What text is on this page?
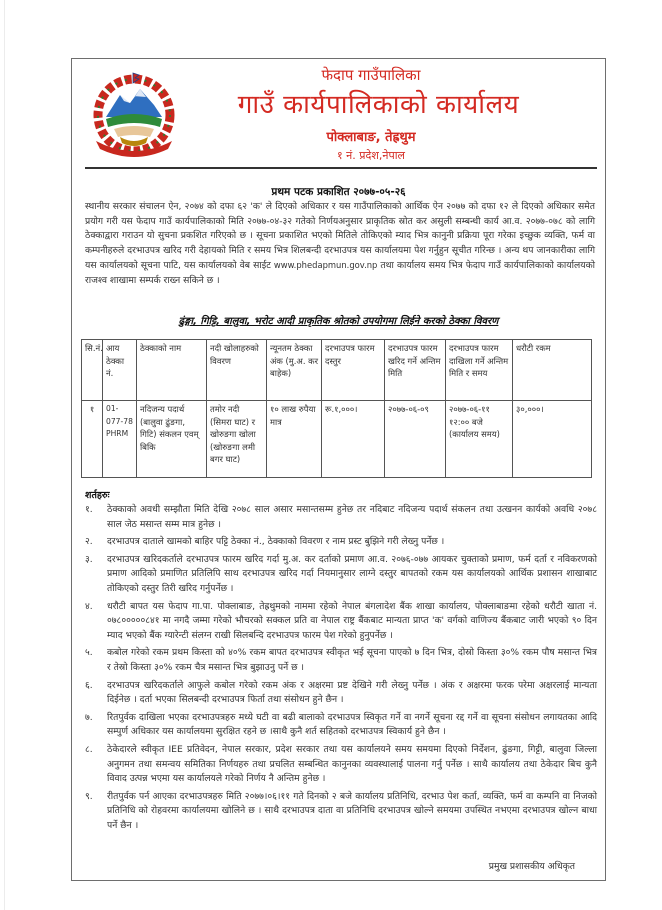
फेदाप गाउँपालिका
गाउँ कार्यपालिकाको कार्यालय
पोक्लाबाङ, तेह्रथुम
१ नं. प्रदेश,नेपाल
प्रथम पटक प्रकाशित २०७७-०५-२६
स्थानीय सरकार संचालन ऐन, २०७४ को दफा ६२ 'क' ले दिएको अधिकार र यस गाउँपालिकाको आर्थिक ऐन २०७७ को दफा १२ ले दिएको अधिकार समेत प्रयोग गरी यस फेदाप गाउँ कार्यपालिकाको मिति २०७७-०४-३२ गतेको निर्णयअनुसार प्राकृतिक स्रोत कर असुली सम्बन्धी कार्य आ.व. २०७७-०७८ को लागि ठेक्काद्वारा गराउन यो सुचना प्रकशित गरिएको छ । सूचना प्रकाशित भएको मितिले तोकिएको म्याद भित्र कानुनी प्रक्रिया पूरा गरेका इच्छुक व्यक्ति, फर्म वा कम्पनीहरुले दरभाउपत्र खरिद गरी देहायको मिति र समय भित्र शिलबन्दी दरभाउपत्र यस कार्यालयमा पेश गर्नुहुन सूचीत गरिन्छ । अन्य थप जानकारीका लागि यस कार्यालयको सूचना पाटि, यस कार्यालयको वेब साईट www.phedapmun.gov.np तथा कार्यालय समय भित्र फेदाप गाउँ कार्यपालिकाको कार्यालयको राजश्व शाखामा सम्पर्क राख्न सकिने छ ।
ढुंङ्गा, गिट्टि, बालुवा, भरोट आदी प्राकृतिक श्रोतको उपयोगमा लिईने करको ठेक्का विवरण
सि.नं.	आय ठेक्का नं.	ठेक्काको नाम	नदी खोलाहरुको विवरण	न्यूनतम ठेक्का अंक (मु.अ. कर बाहेक)	दरभाउपत्र फारम दस्तुर	दरभाउपत्र फारम खरिद गर्ने अन्तिम मिति	दरभाउपत्र फारम दाखिला गर्ने अन्तिम मिति र समय	धरौटी रकम
१	01-077-78 PHRM	नदिजन्य पदार्थ (बालुवा ढुंङगा, गिटि) संकलन एवम् बिकि	तमोर नदी (सिमरा घाट) र खोरुङगा खोला (खोरुङगा लमी बगर घाट)	१० लाख रुपैया मात्र	रू.१,०००।	२०७७-०६-०९	२०७७-०६-११ १२:०० बजे (कार्यालय समय)	३०,०००।
शर्तहरुः
१.	ठेक्काको अवधी सम्झौता मिति देखि २०७८ साल असार मसान्तसम्म हुनेछ तर नदिबाट नदिजन्य पदार्थ संकलन तथा उत्खनन कार्यको अवधि २०७८ साल जेठ मसान्त सम्म मात्र हुनेछ ।
२.	दरभाउपत्र दाताले खामको बाहिर पट्टि ठेक्का नं., ठेक्काको विवरण र नाम प्रस्ट बुझिने गरी लेख्नु पर्नेछ ।
३.	दरभाउपत्र खरिदकर्ताले दरभाउपत्र फारम खरिद गर्दा मु.अ. कर दर्ताको प्रमाण आ.व. २०७६-०७७ आयकर चुक्ताको प्रमाण, फर्म दर्ता र नविकरणको प्रमाण आदिको प्रमाणित प्रतिलिपि साथ दरभाउपत्र खरिद गर्दा नियमानुसार लाग्ने दस्तुर बापतको रकम यस कार्यालयको आर्थिक प्रशासन शाखाबाट तोकिएको दस्तुर तिरी खरिद गर्नुपर्नेछ ।
४.	धरौटी बापत यस फेदाप गा.पा. पोक्लाबाङ, तेह्रथुमको नाममा रहेको नेपाल बंगलादेश बैंक शाखा कार्यालय, पोक्लाबाङमा रहेको धरौटी खाता नं. ०७८०००००८४१ मा नगदै जम्मा गरेको भौचरको सक्कल प्रति वा नेपाल राष्ट्र बैंकबाट मान्यता प्राप्त 'क' वर्गको वाणिज्य बैंकबाट जारी भएको ९० दिन म्याद भएको बैंक ग्यारेन्टी संलग्न राखी सिलबन्दि दरभाउपत्र फारम पेश गरेको हुनुपर्नेछ ।
५.	कबोल गरेको रकम प्रथम किस्ता को ४०% रकम बापत दरभाउपत्र स्वीकृत भई सूचना पाएको ७ दिन भित्र, दोस्रो किस्ता ३०% रकम पौष मसान्त भित्र र तेस्रो किस्ता ३०% रकम चैत्र मसान्त भित्र बुझाउनु पर्ने छ ।
६.	दरभाउपत्र खरिदकर्ताले आफुले कबोल गरेको रकम अंक र अक्षरमा प्रष्ट देखिने गरी लेख्नु पर्नेछ । अंक र अक्षरमा फरक परेमा अक्षरलाई मान्यता दिईनेछ । दर्ता भएका सिलबन्दी दरभाउपत्र फिर्ता तथा संसोधन हुने छैन ।
७.	रितपुर्वक दाखिला भएका दरभाउपत्रहरु मध्ये घटी वा बढी बालाको दरभाउपत्र स्विकृत गर्ने वा नगर्ने सूचना रद्द गर्ने वा सूचना संसोधन लगायतका आदि सम्पुर्ण अधिकार यस कार्यालयमा सुरक्षित रहने छ ।साथै कुनै शर्त सहितको दरभाउपत्र स्विकार्य हुने छैन ।
८.	ठेकेदारले स्वीकृत IEE प्रतिवेदन, नेपाल सरकार, प्रदेश सरकार तथा यस कार्यालयने समय समयमा दिएको निर्देशन, ढुंङगा, गिट्टी, बालुवा जिल्ला अनुगमन तथा समन्वय समितिका निर्णयहरु तथा प्रचलित सम्बन्धित कानुनका व्यवस्थालाई पालना गर्नु पर्नेछ । साथै कार्यालय तथा ठेकेदार बिच कुनै विवाद उत्पन्न भएमा यस कार्यालयले गरेको निर्णय नै अन्तिम हुनेछ ।
९.	रीतपुर्वक पर्न आएका दरभाउपत्रहरु मिति २०७७।०६।११ गते दिनको २ बजे कार्यालय प्रतिनिधि, दरभाउ पेश कर्ता, व्यक्ति, फर्म वा कम्पनि वा निजको प्रतिनिधि को रोहवरमा कार्यालयमा खोलिने छ । साथै दरभाउपत्र दाता वा प्रतिनिधि दरभाउपत्र खोल्ने समयमा उपस्थित नभएमा दरभाउपत्र खोल्न बाधा पर्ने छैन ।
प्रमुख प्रशासकीय अधिकृत
